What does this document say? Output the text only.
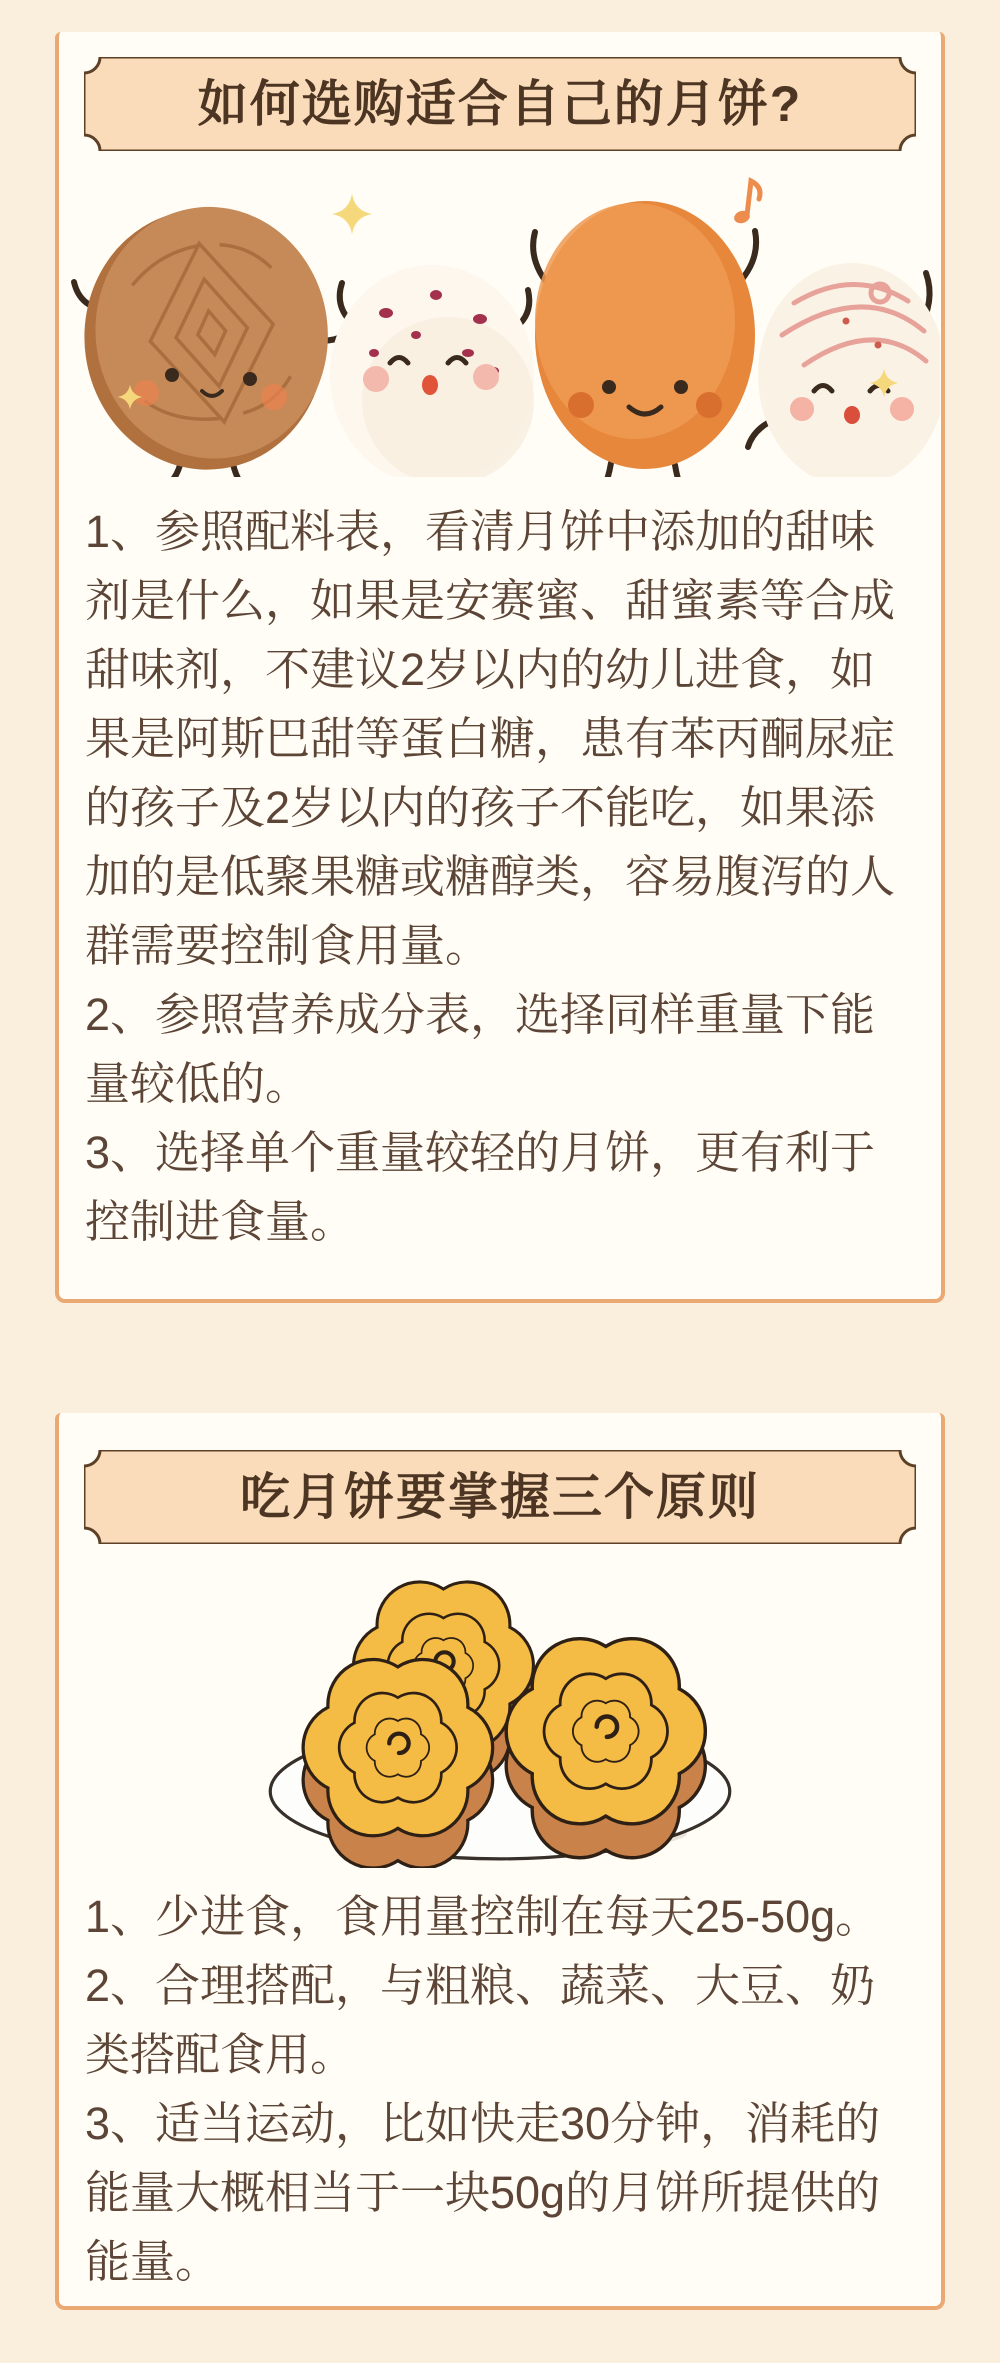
如何选购适合自己的月饼?

1、参照配料表，看清月饼中添加的甜味剂是什么，如果是安赛蜜、甜蜜素等合成甜味剂，不建议2岁以内的幼儿进食，如果是阿斯巴甜等蛋白糖，患有苯丙酮尿症的孩子及2岁以内的孩子不能吃，如果添加的是低聚果糖或糖醇类，容易腹泻的人群需要控制食用量。

2、参照营养成分表，选择同样重量下能量较低的。

3、选择单个重量较轻的月饼，更有利于控制进食量。

吃月饼要掌握三个原则

1、少进食，食用量控制在每天25-50g。

2、合理搭配，与粗粮、蔬菜、大豆、奶类搭配食用。

3、适当运动，比如快走30分钟，消耗的能量大概相当于一块50g的月饼所提供的能量。
